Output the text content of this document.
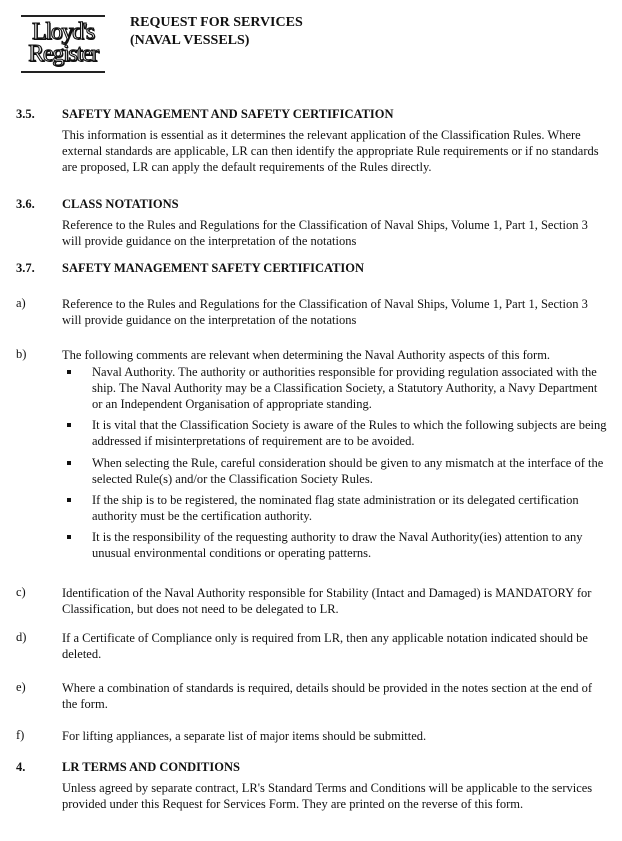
Lloyd's
Register
REQUEST FOR SERVICES
(NAVAL VESSELS)
3.5.	SAFETY MANAGEMENT AND SAFETY CERTIFICATION
This information is essential as it determines the relevant application of the Classification Rules. Where external standards are applicable, LR can then identify the appropriate Rule requirements or if no standards are proposed, LR can apply the default requirements of the Rules directly.
3.6.	CLASS NOTATIONS
Reference to the Rules and Regulations for the Classification of Naval Ships, Volume 1, Part 1, Section 3 will provide guidance on the interpretation of the notations
3.7.	SAFETY MANAGEMENT SAFETY CERTIFICATION
a)	Reference to the Rules and Regulations for the Classification of Naval Ships, Volume 1, Part 1, Section 3 will provide guidance on the interpretation of the notations
b)	The following comments are relevant when determining the Naval Authority aspects of this form.
Naval Authority. The authority or authorities responsible for providing regulation associated with the ship. The Naval Authority may be a Classification Society, a Statutory Authority, a Navy Department or an Independent Organisation of appropriate standing.
It is vital that the Classification Society is aware of the Rules to which the following subjects are being addressed if misinterpretations of requirement are to be avoided.
When selecting the Rule, careful consideration should be given to any mismatch at the interface of the selected Rule(s) and/or the Classification Society Rules.
If the ship is to be registered, the nominated flag state administration or its delegated certification authority must be the certification authority.
It is the responsibility of the requesting authority to draw the Naval Authority(ies) attention to any unusual environmental conditions or operating patterns.
c)	Identification of the Naval Authority responsible for Stability (Intact and Damaged) is MANDATORY for Classification, but does not need to be delegated to LR.
d)	If a Certificate of Compliance only is required from LR, then any applicable notation indicated should be deleted.
e)	Where a combination of standards is required, details should be provided in the notes section at the end of the form.
f)	For lifting appliances, a separate list of major items should be submitted.
4.	LR TERMS AND CONDITIONS
Unless agreed by separate contract, LR's Standard Terms and Conditions will be applicable to the services provided under this Request for Services Form. They are printed on the reverse of this form.
